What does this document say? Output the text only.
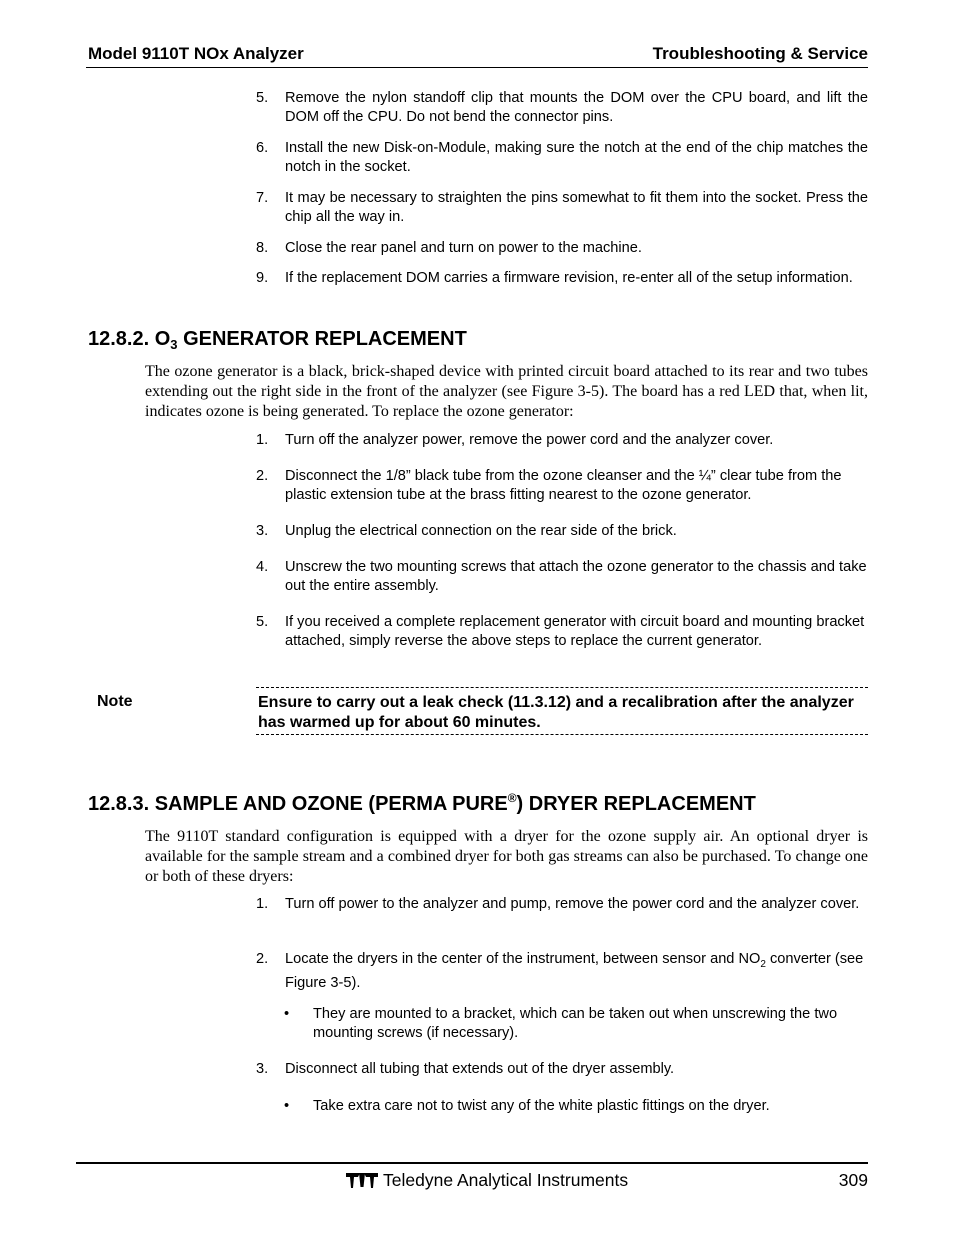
Model 9110T NOx Analyzer	Troubleshooting & Service
5. Remove the nylon standoff clip that mounts the DOM over the CPU board, and lift the DOM off the CPU. Do not bend the connector pins.
6. Install the new Disk-on-Module, making sure the notch at the end of the chip matches the notch in the socket.
7. It may be necessary to straighten the pins somewhat to fit them into the socket. Press the chip all the way in.
8. Close the rear panel and turn on power to the machine.
9. If the replacement DOM carries a firmware revision, re-enter all of the setup information.
12.8.2. $O_3$ GENERATOR REPLACEMENT
The ozone generator is a black, brick-shaped device with printed circuit board attached to its rear and two tubes extending out the right side in the front of the analyzer (see Figure 3-5). The board has a red LED that, when lit, indicates ozone is being generated. To replace the ozone generator:
1. Turn off the analyzer power, remove the power cord and the analyzer cover.
2. Disconnect the 1/8” black tube from the ozone cleanser and the ¼” clear tube from the plastic extension tube at the brass fitting nearest to the ozone generator.
3. Unplug the electrical connection on the rear side of the brick.
4. Unscrew the two mounting screws that attach the ozone generator to the chassis and take out the entire assembly.
5. If you received a complete replacement generator with circuit board and mounting bracket attached, simply reverse the above steps to replace the current generator.
Note	Ensure to carry out a leak check (11.3.12) and a recalibration after the analyzer has warmed up for about 60 minutes.
12.8.3. SAMPLE AND OZONE (PERMA PURE®) DRYER REPLACEMENT
The 9110T standard configuration is equipped with a dryer for the ozone supply air. An optional dryer is available for the sample stream and a combined dryer for both gas streams can also be purchased. To change one or both of these dryers:
1. Turn off power to the analyzer and pump, remove the power cord and the analyzer cover.
2. Locate the dryers in the center of the instrument, between sensor and $NO_2$ converter (see Figure 3-5).
• They are mounted to a bracket, which can be taken out when unscrewing the two mounting screws (if necessary).
3. Disconnect all tubing that extends out of the dryer assembly.
• Take extra care not to twist any of the white plastic fittings on the dryer.
Teledyne Analytical Instruments	309
